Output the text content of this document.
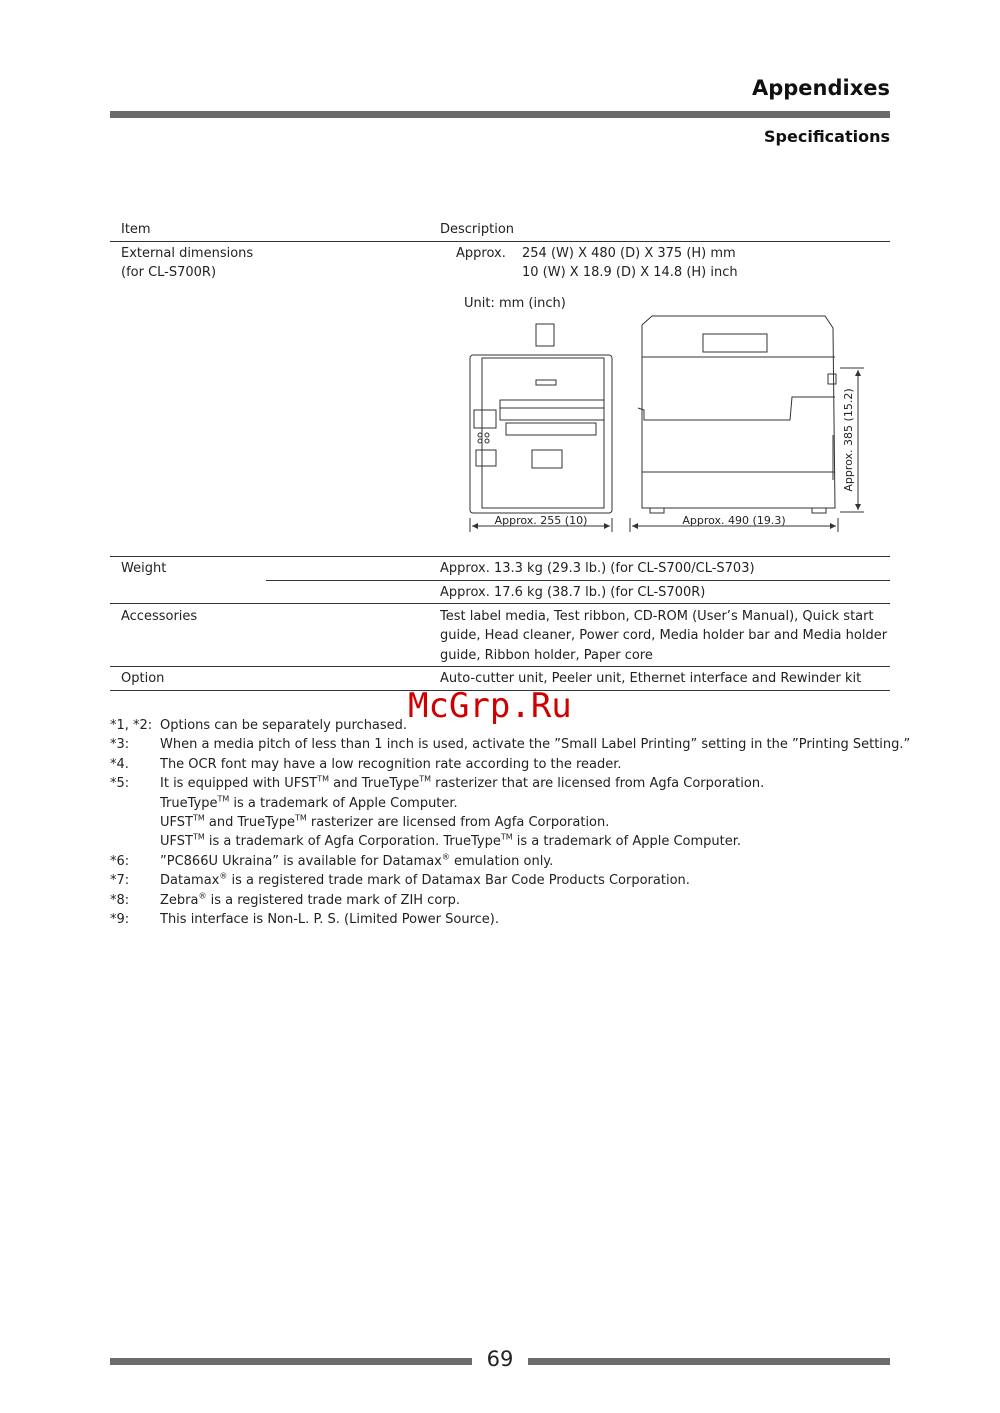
Appendixes
Specifications
Item	Description
External dimensions
(for CL-S700R)
Approx. 254 (W) X 480 (D) X 375 (H) mm
10 (W) X 18.9 (D) X 14.8 (H) inch
Unit: mm (inch)
Approx. 255 (10)	Approx. 490 (19.3)
Approx. 385 (15.2)
Weight	Approx. 13.3 kg (29.3 lb.) (for CL-S700/CL-S703)
Approx. 17.6 kg (38.7 lb.) (for CL-S700R)
Accessories	Test label media, Test ribbon, CD-ROM (User’s Manual), Quick start
guide, Head cleaner, Power cord, Media holder bar and Media holder
guide, Ribbon holder, Paper core
Option	Auto-cutter unit, Peeler unit, Ethernet interface and Rewinder kit
*1, *2: Options can be separately purchased.
*3:	When a media pitch of less than 1 inch is used, activate the ”Small Label Printing” setting in the ”Printing Setting.”
*4.	The OCR font may have a low recognition rate according to the reader.
*5:	It is equipped with UFST™ and TrueType™ rasterizer that are licensed from Agfa Corporation.
TrueType™ is a trademark of Apple Computer.
UFST™ and TrueType™ rasterizer are licensed from Agfa Corporation.
UFST™ is a trademark of Agfa Corporation. TrueType™ is a trademark of Apple Computer.
*6:	”PC866U Ukraina” is available for Datamax® emulation only.
*7:	Datamax® is a registered trade mark of Datamax Bar Code Products Corporation.
*8:	Zebra® is a registered trade mark of ZIH corp.
*9:	This interface is Non-L. P. S. (Limited Power Source).
McGrp.Ru
69
